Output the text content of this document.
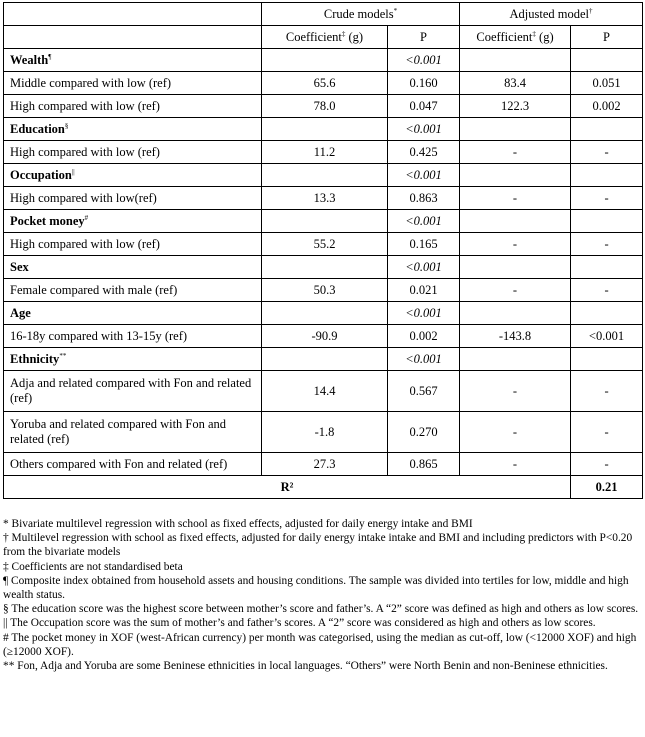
	Crude models*		Adjusted model†
	Coefficient‡ (g)	P	Coefficient‡ (g)	P
Wealth¶		<0.001		
Middle compared with low (ref)	65.6	0.160	83.4	0.051
High compared with low (ref)	78.0	0.047	122.3	0.002
Education§		<0.001		
High compared with low (ref)	11.2	0.425	-	-
Occupation||		<0.001		
High compared with low(ref)	13.3	0.863	-	-
Pocket money#		<0.001		
High compared with low (ref)	55.2	0.165	-	-
Sex		<0.001		
Female compared with male (ref)	50.3	0.021	-	-
Age		<0.001		
16-18y compared with 13-15y (ref)	-90.9	0.002	-143.8	<0.001
Ethnicity**		<0.001		
Adja and related compared with Fon and related (ref)	14.4	0.567	-	-
Yoruba and related compared with Fon and related (ref)	-1.8	0.270	-	-
Others compared with Fon and related (ref)	27.3	0.865	-	-
R²				0.21
* Bivariate multilevel regression with school as fixed effects, adjusted for daily energy intake and BMI
† Multilevel regression with school as fixed effects, adjusted for daily energy intake intake and BMI and including predictors with P<0.20 from the bivariate models
‡ Coefficients are not standardised beta
¶ Composite index obtained from household assets and housing conditions. The sample was divided into tertiles for low, middle and high wealth status.
§ The education score was the highest score between mother’s score and father’s. A “2” score was defined as high and others as low scores.
|| The Occupation score was the sum of mother’s and father’s scores. A “2” score was considered as high and others as low scores.
# The pocket money in XOF (west-African currency) per month was categorised, using the median as cut-off, low (<12000 XOF) and high (≥12000 XOF).
** Fon, Adja and Yoruba are some Beninese ethnicities in local languages. “Others” were North Benin and non-Beninese ethnicities.
